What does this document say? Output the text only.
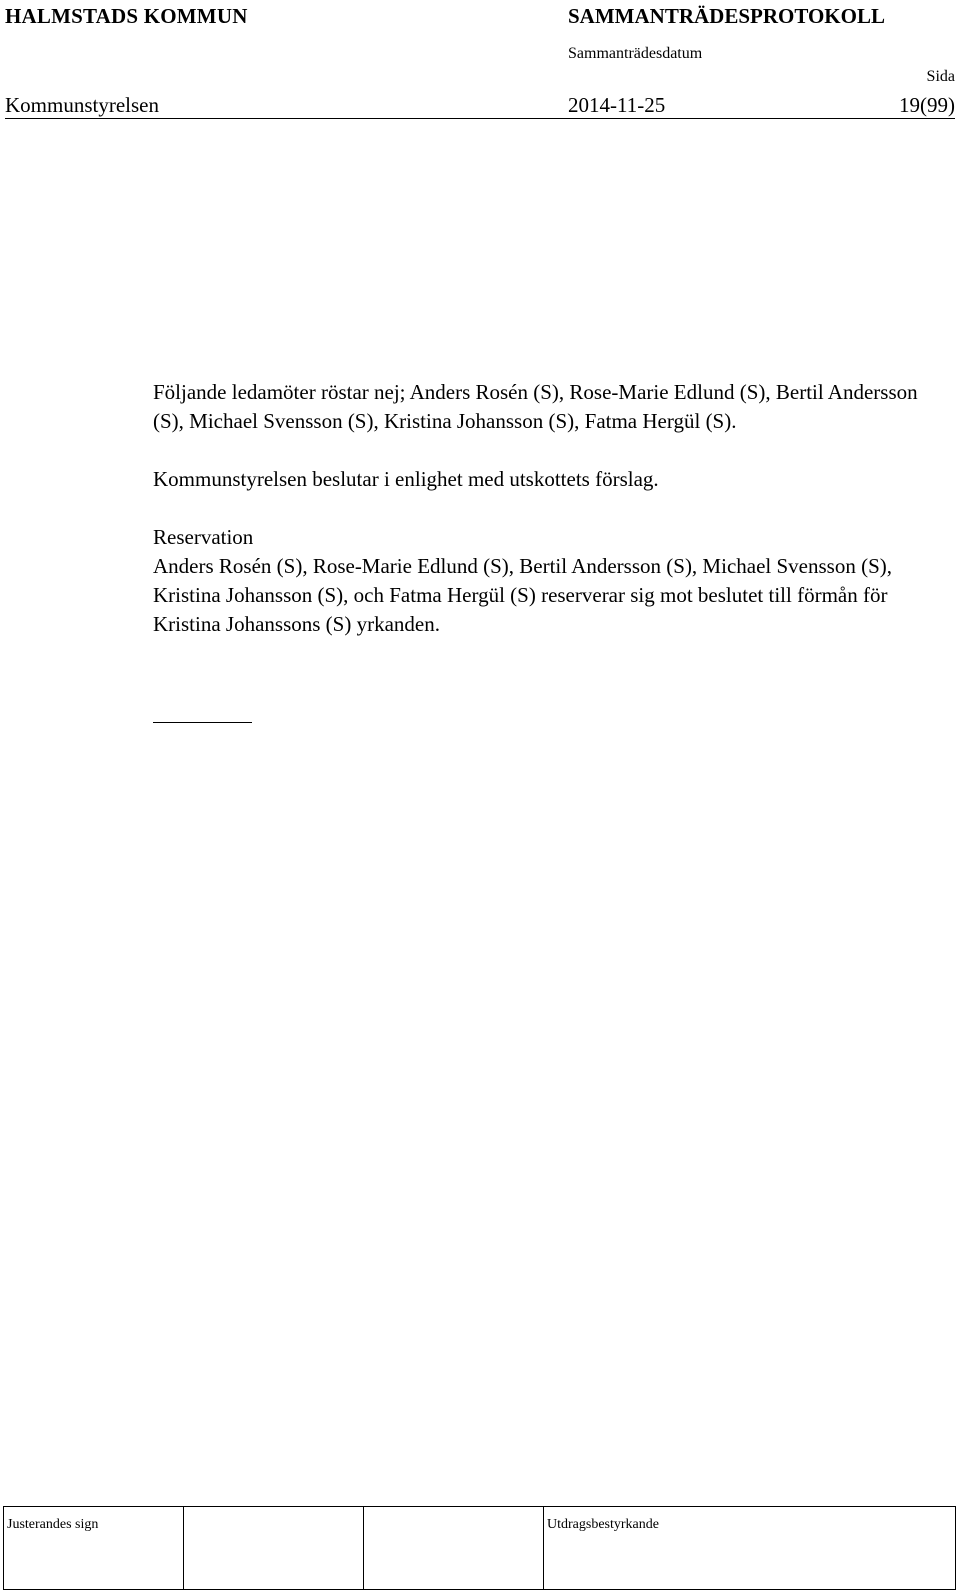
HALMSTADS KOMMUN	SAMMANTRÄDESPROTOKOLL
Sammanträdesdatum
Sida
Kommunstyrelsen	2014-11-25	19(99)

Följande ledamöter röstar nej; Anders Rosén (S), Rose-Marie Edlund (S), Bertil Andersson (S), Michael Svensson (S), Kristina Johansson (S), Fatma Hergül (S).

Kommunstyrelsen beslutar i enlighet med utskottets förslag.

Reservation

Anders Rosén (S), Rose-Marie Edlund (S), Bertil Andersson (S), Michael Svensson (S), Kristina Johansson (S), och Fatma Hergül (S) reserverar sig mot beslutet till förmån för Kristina Johanssons (S) yrkanden.

Justerandes sign	Utdragsbestyrkande
